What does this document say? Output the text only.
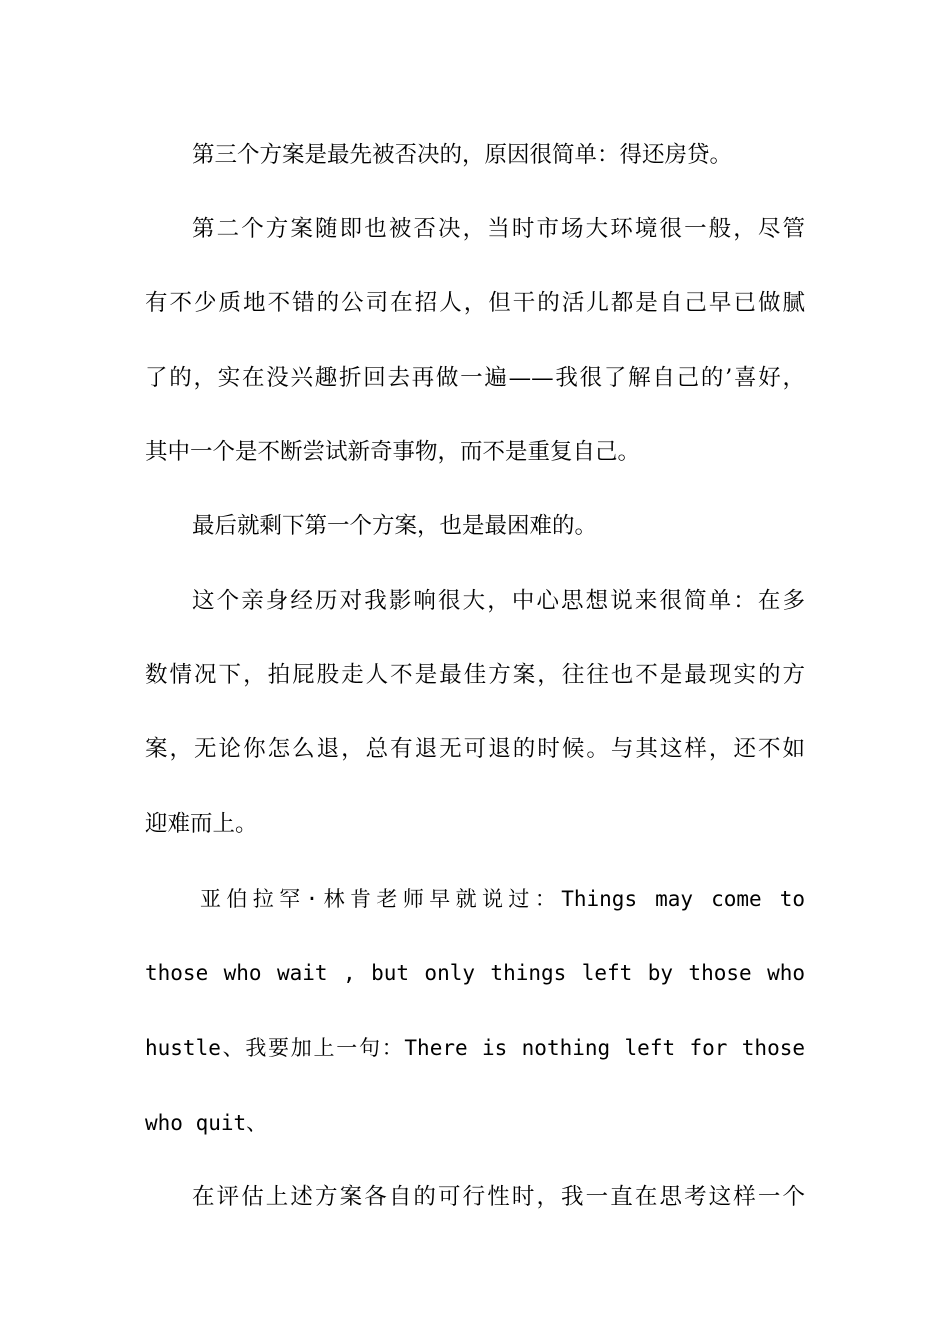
第三个方案是最先被否决的，原因很简单：得还房贷。
第二个方案随即也被否决，当时市场大环境很一般，尽管
有不少质地不错的公司在招人，但干的活儿都是自己早已做腻
了的，实在没兴趣折回去再做一遍——我很了解自己的’喜好，
其中一个是不断尝试新奇事物，而不是重复自己。
最后就剩下第一个方案，也是最困难的。
这个亲身经历对我影响很大，中心思想说来很简单：在多
数情况下，拍屁股走人不是最佳方案，往往也不是最现实的方
案，无论你怎么退，总有退无可退的时候。与其这样，还不如
迎难而上。
亚伯拉罕·林肯老师早就说过：Things may come to
those who wait , but only things left by those who
hustle、我要加上一句：There is nothing left for those
who quit、
在评估上述方案各自的可行性时，我一直在思考这样一个
